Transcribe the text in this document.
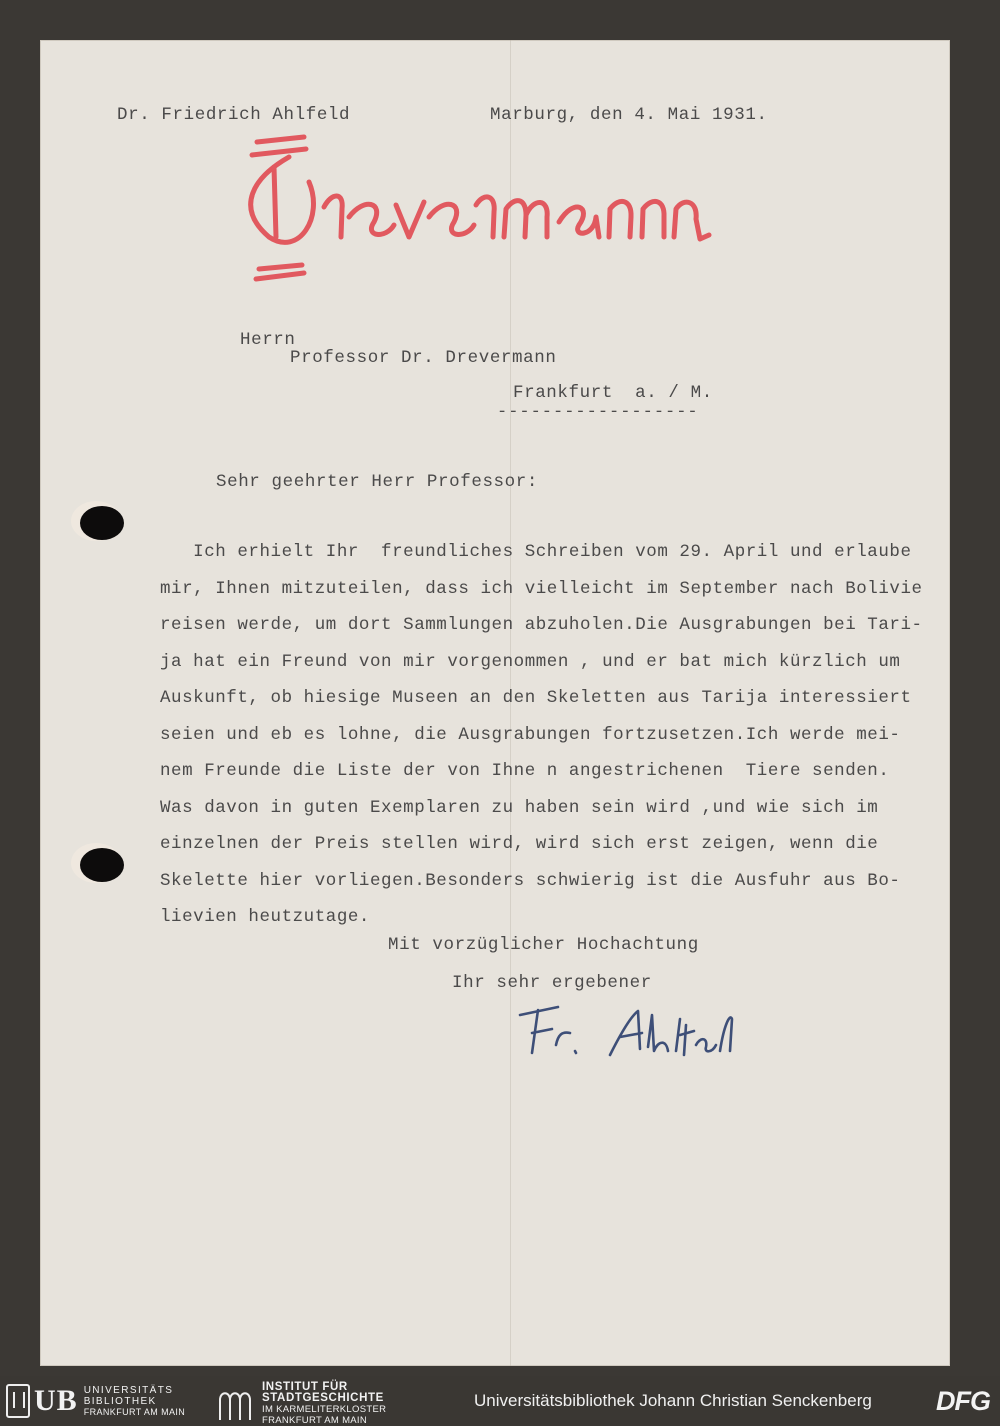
Dr. Friedrich Ahlfeld	Marburg, den 4. Mai 1931.
Herrn
Professor Dr. Drevermann
Frankfurt  a. / M.
------------------
Sehr geehrter Herr Professor:
Ich erhielt Ihr  freundliches Schreiben vom 29. April und erlaube
mir, Ihnen mitzuteilen, dass ich vielleicht im September nach Bolivie
reisen werde, um dort Sammlungen abzuholen.Die Ausgrabungen bei Tari-
ja hat ein Freund von mir vorgenommen , und er bat mich kürzlich um
Auskunft, ob hiesige Museen an den Skeletten aus Tarija interessiert
seien und eb es lohne, die Ausgrabungen fortzusetzen.Ich werde mei-
nem Freunde die Liste der von Ihne n angestrichenen  Tiere senden.
Was davon in guten Exemplaren zu haben sein wird ,und wie sich im
einzelnen der Preis stellen wird, wird sich erst zeigen, wenn die
Skelette hier vorliegen.Besonders schwierig ist die Ausfuhr aus Bo-
lievien heutzutage.
Mit vorzüglicher Hochachtung
Ihr sehr ergebener
UB UNIVERSITÄTS
BIBLIOTHEK
FRANKFURT AM MAIN
INSTITUT FÜR
STADTGESCHICHTE
IM KARMELITERKLOSTER
FRANKFURT AM MAIN
Universitätsbibliothek Johann Christian Senckenberg DFG
